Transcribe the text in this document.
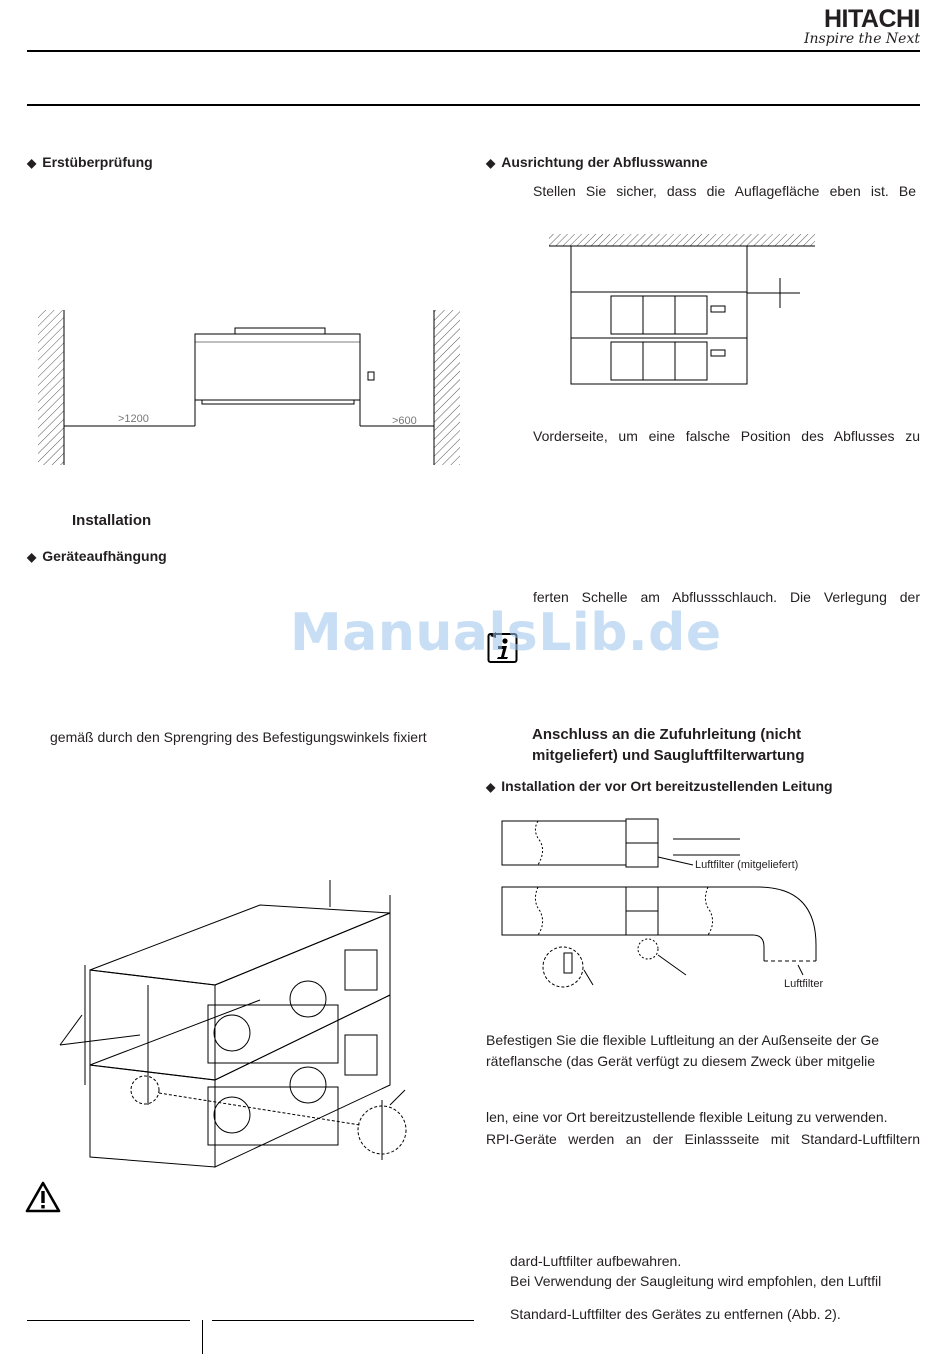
HITACHI
Inspire the Next
◆ Erstüberprüfung
>1200	>600
Installation
◆ Geräteaufhängung
gemäß durch den Sprengring des Befestigungswinkels fixiert
◆ Ausrichtung der Abflusswanne
Stellen Sie sicher, dass die Auflagefläche eben ist. Be
Vorderseite, um eine falsche Position des Abflusses zu
ferten Schelle am Abflussschlauch. Die Verlegung der
Anschluss an die Zufuhrleitung (nicht
mitgeliefert) und Saugluftfilterwartung
◆ Installation der vor Ort bereitzustellenden Leitung
Luftfilter (mitgeliefert)
Luftfilter
Befestigen Sie die flexible Luftleitung an der Außenseite der Ge
räteflansche (das Gerät verfügt zu diesem Zweck über mitgelie
len, eine vor Ort bereitzustellende flexible Leitung zu verwenden.
RPI-Geräte werden an der Einlassseite mit Standard-Luftfiltern
dard-Luftfilter aufbewahren.
Bei Verwendung der Saugleitung wird empfohlen, den Luftfil
Standard-Luftfilter des Gerätes zu entfernen (Abb. 2).
ManualsLib.de
